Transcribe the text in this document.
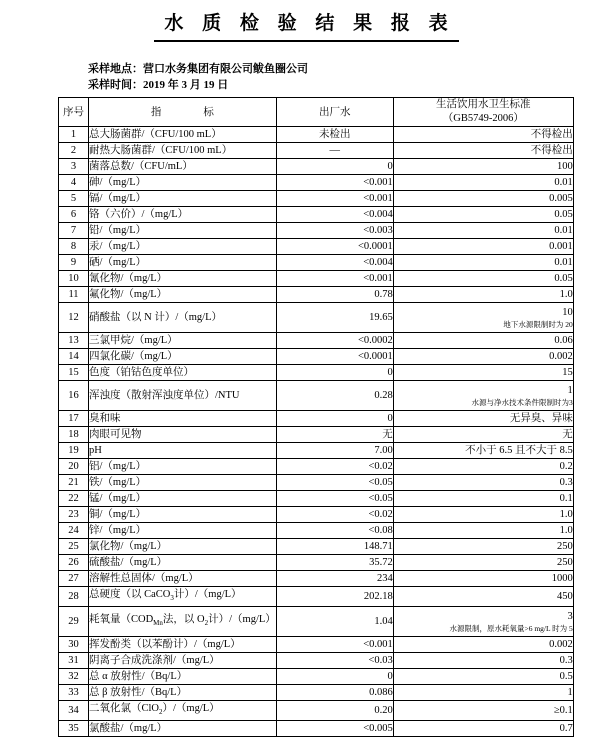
水 质 检 验 结 果 报 表
采样地点：营口水务集团有限公司鲅鱼圈公司
采样时间：2019 年 3 月 19 日
序号	指　　　　标	出厂水	生活饮用水卫生标准
（GB5749-2006）

1	总大肠菌群/（CFU/100 mL）	未检出	不得检出
2	耐热大肠菌群/（CFU/100 mL）	—	不得检出
3	菌落总数/（CFU/mL）	0	100
4	砷/（mg/L）	<0.001	0.01
5	镉/（mg/L）	<0.001	0.005
6	铬（六价）/（mg/L）	<0.004	0.05
7	铅/（mg/L）	<0.003	0.01
8	汞/（mg/L）	<0.0001	0.001
9	硒/（mg/L）	<0.004	0.01
10	氰化物/（mg/L）	<0.001	0.05
11	氟化物/（mg/L）	0.78	1.0
12	硝酸盐（以 N 计）/（mg/L）	19.65	10
地下水源限制时为 20

13	三氯甲烷/（mg/L）	<0.0002	0.06
14	四氯化碳/（mg/L）	<0.0001	0.002
15	色度（铂钴色度单位）	0	15
16	浑浊度（散射浑浊度单位）/NTU	0.28	1
水源与净水技术条件限制时为3

17	臭和味	0	无异臭、异味
18	肉眼可见物	无	无
19	pH	7.00	不小于 6.5 且不大于 8.5
20	铝/（mg/L）	<0.02	0.2
21	铁/（mg/L）	<0.05	0.3
22	锰/（mg/L）	<0.05	0.1
23	铜/（mg/L）	<0.02	1.0
24	锌/（mg/L）	<0.08	1.0
25	氯化物/（mg/L）	148.71	250
26	硫酸盐/（mg/L）	35.72	250
27	溶解性总固体/（mg/L）	234	1000
28	总硬度（以 CaCO$_3$计）/（mg/L）	202.18	450
29	耗氧量（$COD_{Mn}$法，以 $O_2$计）/（mg/L）	1.04	3
水源限制，原水耗氧量>6 mg/L 时为 5

30	挥发酚类（以苯酚计）/（mg/L）	<0.001	0.002
31	阴离子合成洗涤剂/（mg/L）	<0.03	0.3
32	总 α 放射性/（Bq/L）	0	0.5
33	总 β 放射性/（Bq/L）	0.086	1
34	二氧化氯（ClO$_2$）/（mg/L）	0.20	≥0.1
35	氯酸盐/（mg/L）	<0.005	0.7
